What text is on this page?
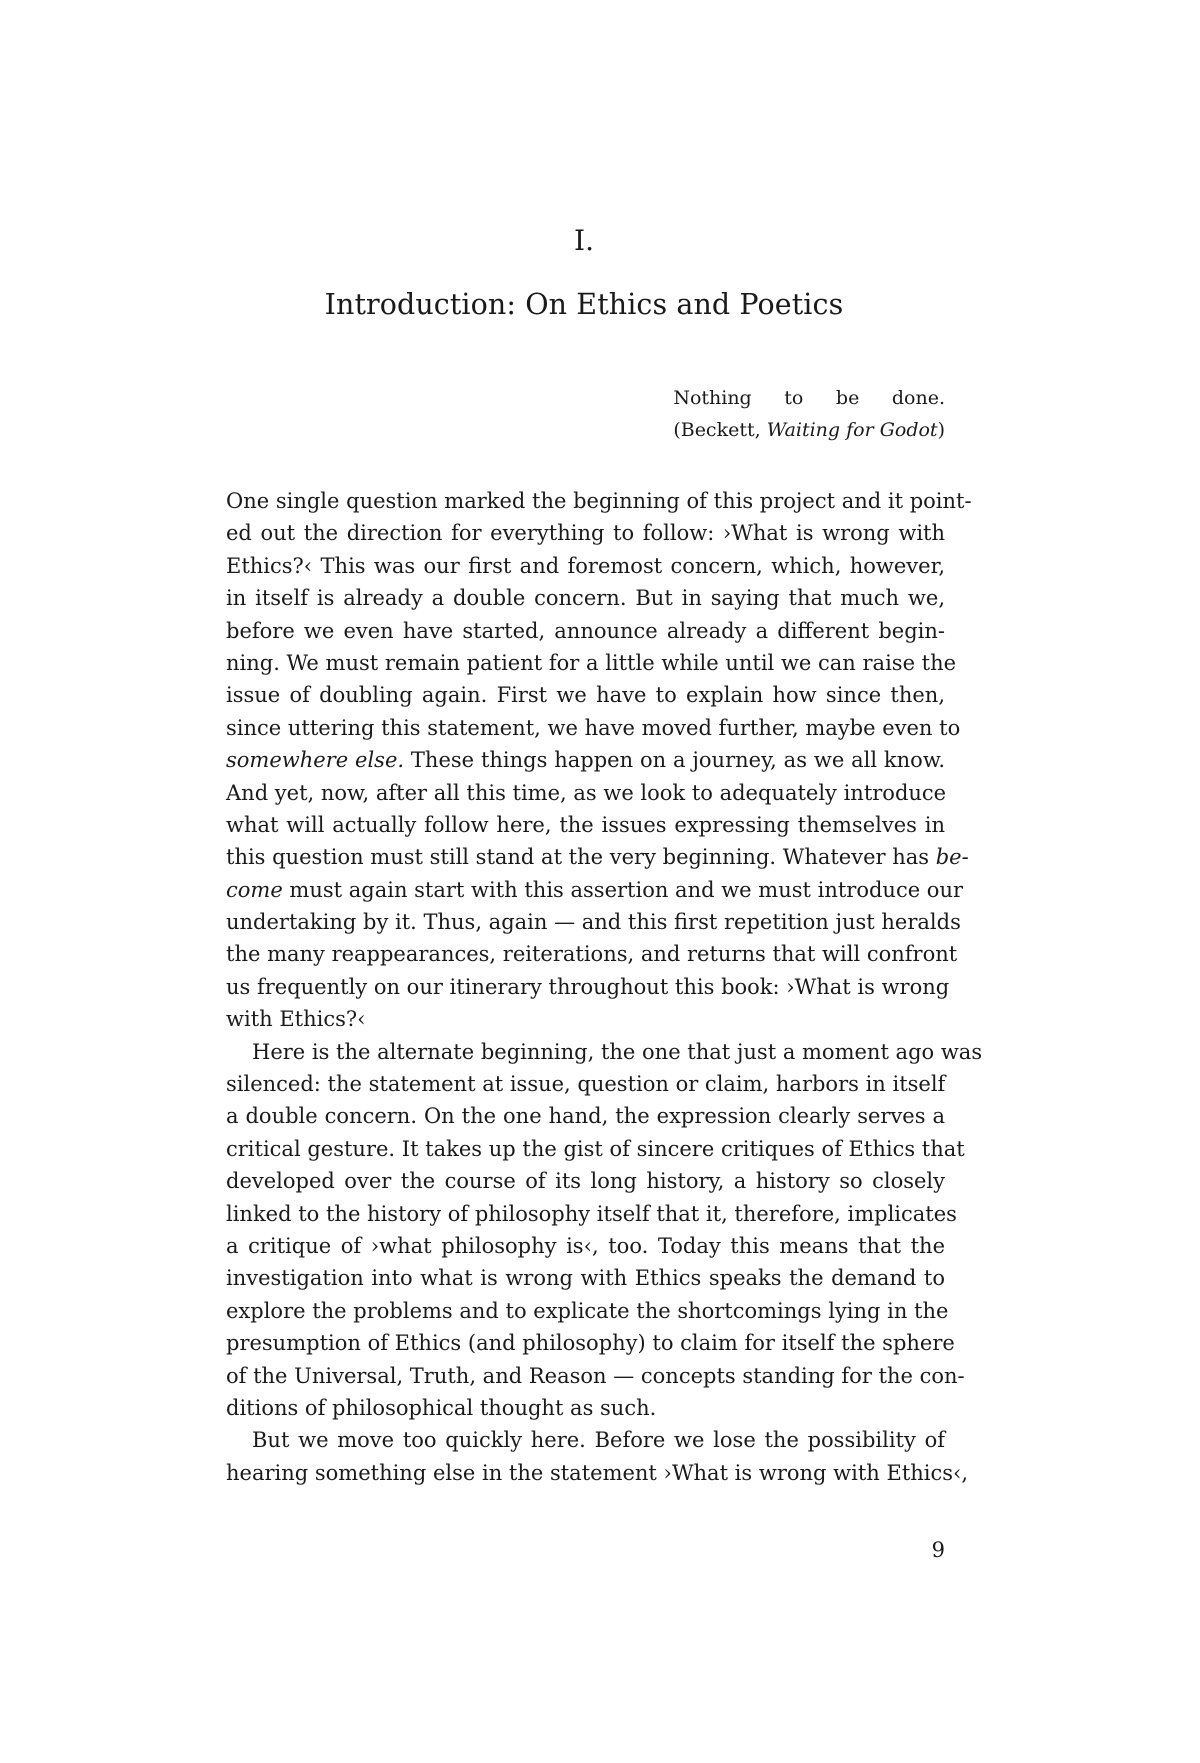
I.
Introduction: On Ethics and Poetics
Nothing to be done.
(Beckett, Waiting for Godot)
One single question marked the beginning of this project and it point-
ed out the direction for everything to follow: ›What is wrong with
Ethics?‹ This was our first and foremost concern, which, however,
in itself is already a double concern. But in saying that much we,
before we even have started, announce already a different begin-
ning. We must remain patient for a little while until we can raise the
issue of doubling again. First we have to explain how since then,
since uttering this statement, we have moved further, maybe even to
somewhere else. These things happen on a journey, as we all know.
And yet, now, after all this time, as we look to adequately introduce
what will actually follow here, the issues expressing themselves in
this question must still stand at the very beginning. Whatever has be-
come must again start with this assertion and we must introduce our
undertaking by it. Thus, again — and this first repetition just heralds
the many reappearances, reiterations, and returns that will confront
us frequently on our itinerary throughout this book: ›What is wrong
with Ethics?‹
Here is the alternate beginning, the one that just a moment ago was
silenced: the statement at issue, question or claim, harbors in itself
a double concern. On the one hand, the expression clearly serves a
critical gesture. It takes up the gist of sincere critiques of Ethics that
developed over the course of its long history, a history so closely
linked to the history of philosophy itself that it, therefore, implicates
a critique of ›what philosophy is‹, too. Today this means that the
investigation into what is wrong with Ethics speaks the demand to
explore the problems and to explicate the shortcomings lying in the
presumption of Ethics (and philosophy) to claim for itself the sphere
of the Universal, Truth, and Reason — concepts standing for the con-
ditions of philosophical thought as such.
But we move too quickly here. Before we lose the possibility of
hearing something else in the statement ›What is wrong with Ethics‹,
9
